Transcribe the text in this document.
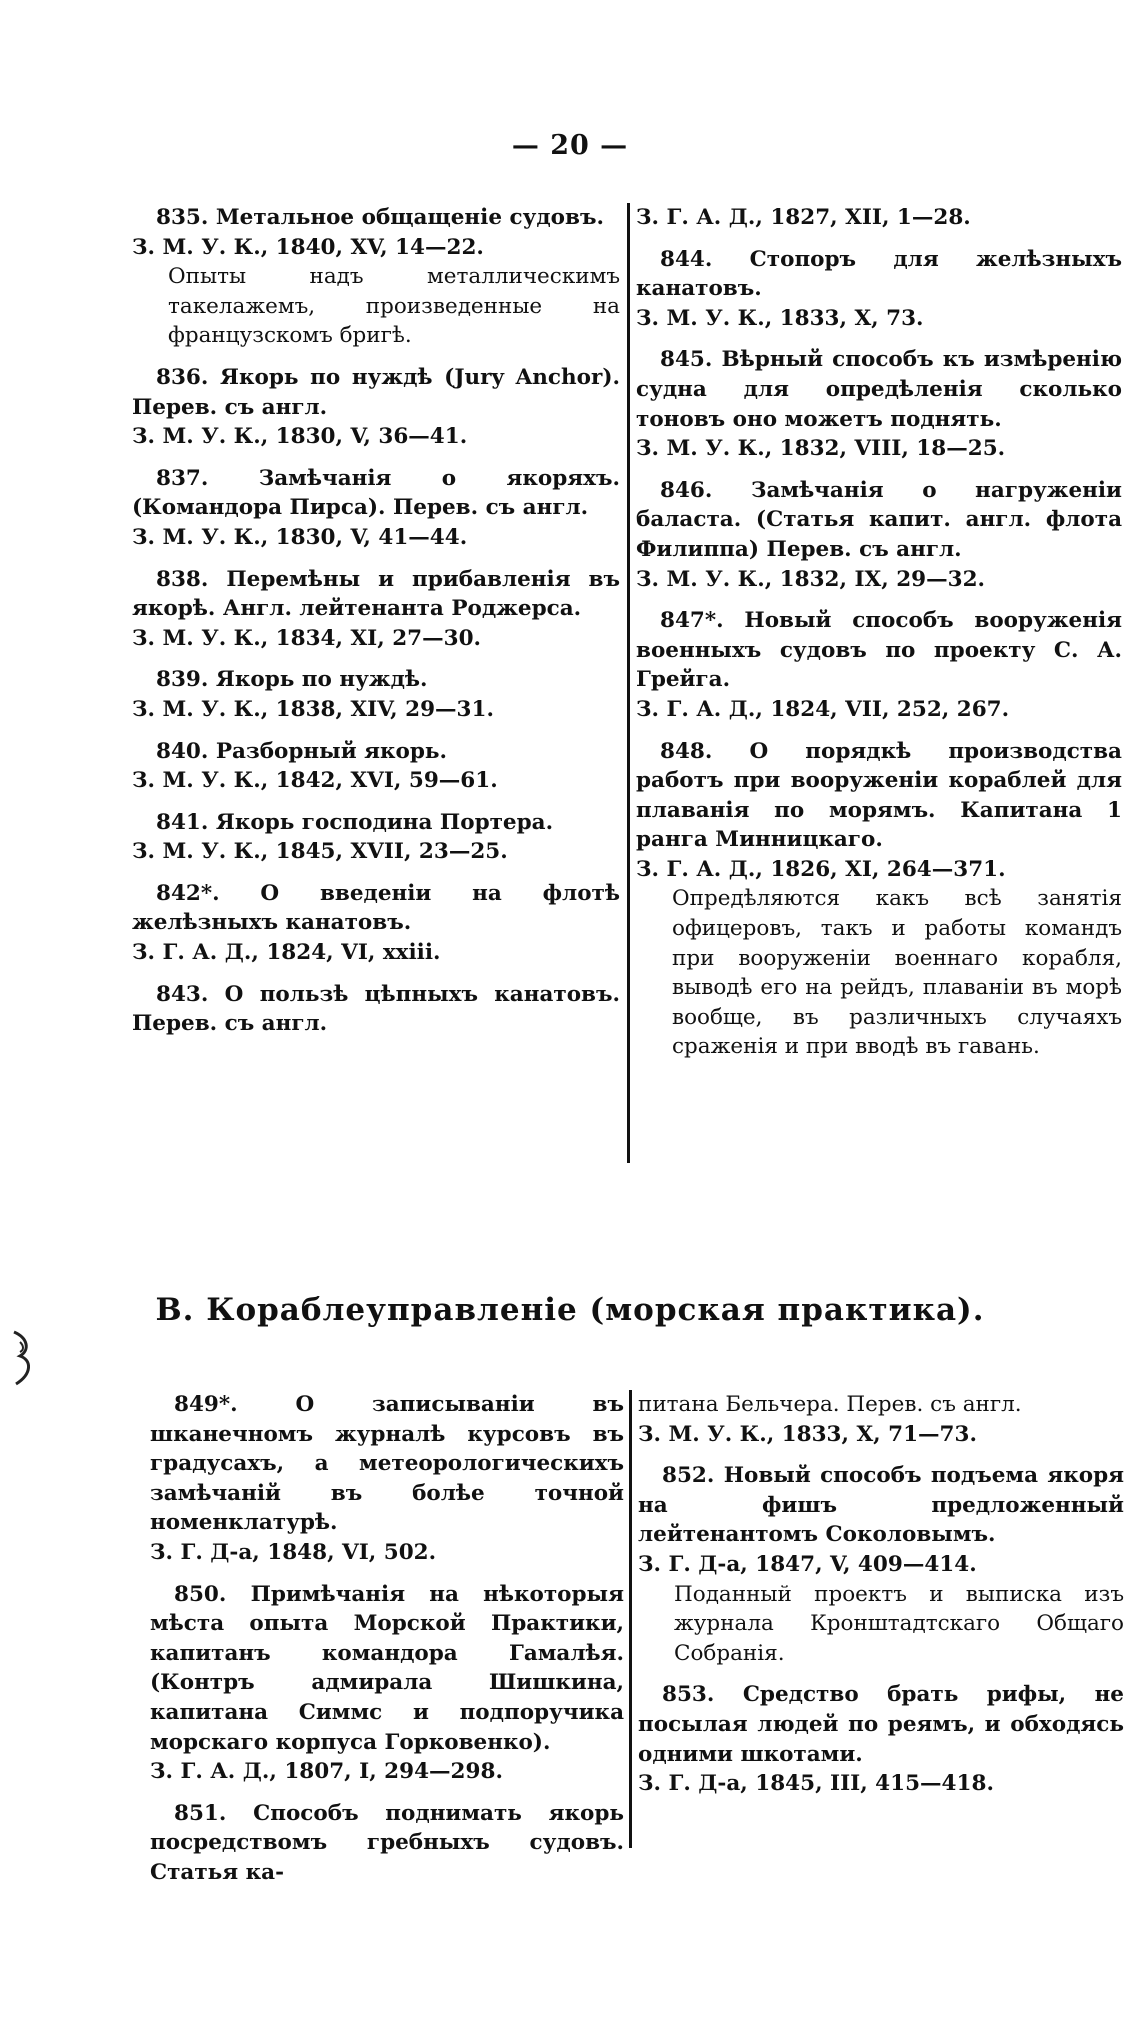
— 20 —
835. Метальное общащеніе судовъ.
З. М. У. К., 1840, XV, 14—22.
Опыты надъ металлическимъ такелажемъ, произведенные на французскомъ бригѣ.
836. Якорь по нуждѣ (Jury Anchor). Перев. съ англ.
З. М. У. К., 1830, V, 36—41.
837. Замѣчанія о якоряхъ. (Командора Пирса). Перев. съ англ.
З. М. У. К., 1830, V, 41—44.
838. Перемѣны и прибавленія въ якорѣ. Англ. лейтенанта Роджерса.
З. М. У. К., 1834, XI, 27—30.
839. Якорь по нуждѣ.
З. М. У. К., 1838, XIV, 29—31.
840. Разборный якорь.
З. М. У. К., 1842, XVI, 59—61.
841. Якорь господина Портера.
З. М. У. К., 1845, XVII, 23—25.
842*. О введеніи на флотѣ желѣзныхъ канатовъ.
З. Г. А. Д., 1824, VI, xxiii.
843. О пользѣ цѣпныхъ канатовъ. Перев. съ англ.
З. Г. А. Д., 1827, XII, 1—28.
844. Стопоръ для желѣзныхъ канатовъ.
З. М. У. К., 1833, X, 73.
845. Вѣрный способъ къ измѣренію судна для опредѣленія сколько тоновъ оно можетъ поднять.
З. М. У. К., 1832, VIII, 18—25.
846. Замѣчанія о нагруженіи баласта. (Статья капит. англ. флота Филиппа) Перев. съ англ.
З. М. У. К., 1832, IX, 29—32.
847*. Новый способъ вооруженія военныхъ судовъ по проекту С. А. Грейга.
З. Г. А. Д., 1824, VII, 252, 267.
848. О порядкѣ производства работъ при вооруженіи кораблей для плаванія по морямъ. Капитана 1 ранга Минницкаго.
З. Г. А. Д., 1826, XI, 264—371.
Опредѣляются какъ всѣ занятія офицеровъ, такъ и работы командъ при вооруженіи военнаго корабля, выводѣ его на рейдъ, плаваніи въ морѣ вообще, въ различныхъ случаяхъ сраженія и при вводѣ въ гавань.
В. Кораблеуправленіе (морская практика).
849*.	О записываніи въ шканечномъ журналѣ курсовъ въ градусахъ, а метеорологическихъ замѣчаній въ болѣе точной номенклатурѣ.
З. Г. Д-а, 1848, VI, 502.
850. Примѣчанія на нѣкоторыя мѣста опыта Морской Практики, капитанъ командора Гамалѣя. (Контръ адмирала Шишкина, капитана Симмс и подпоручика морскаго корпуса Горковенко).
З. Г. А. Д., 1807, I, 294—298.
851. Способъ поднимать якорь посредствомъ гребныхъ судовъ. Статья ка-
питана Бельчера. Перев. съ англ.
З. М. У. К., 1833, X, 71—73.
852. Новый способъ подъема якоря на фишъ предложенный лейтенантомъ Соколовымъ.
З. Г. Д-а, 1847, V, 409—414.
Поданный проектъ и выписка изъ журнала Кронштадтскаго Общаго Собранія.
853. Средство брать рифы, не посылая людей по реямъ, и обходясь одними шкотами.
З. Г. Д-а, 1845, III, 415—418.
